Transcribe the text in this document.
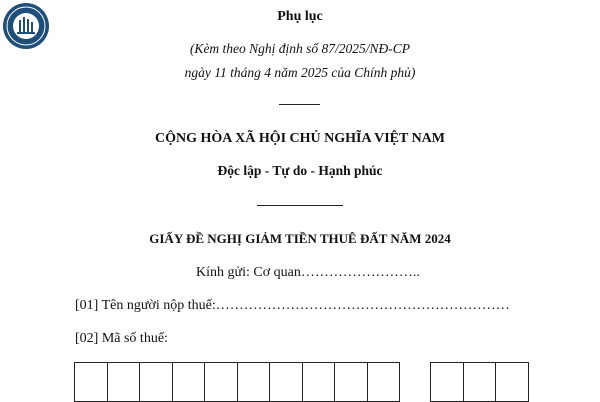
Phụ lục
(Kèm theo Nghị định số 87/2025/NĐ-CP
ngày 11 tháng 4 năm 2025 của Chính phủ)
CỘNG HÒA XÃ HỘI CHỦ NGHĨA VIỆT NAM
Độc lập - Tự do - Hạnh phúc
GIẤY ĐỀ NGHỊ GIẢM TIỀN THUÊ ĐẤT NĂM 2024
Kính gửi: Cơ quan……………………..
[01] Tên người nộp thuế:………………………………………………………
[02] Mã số thuế:
